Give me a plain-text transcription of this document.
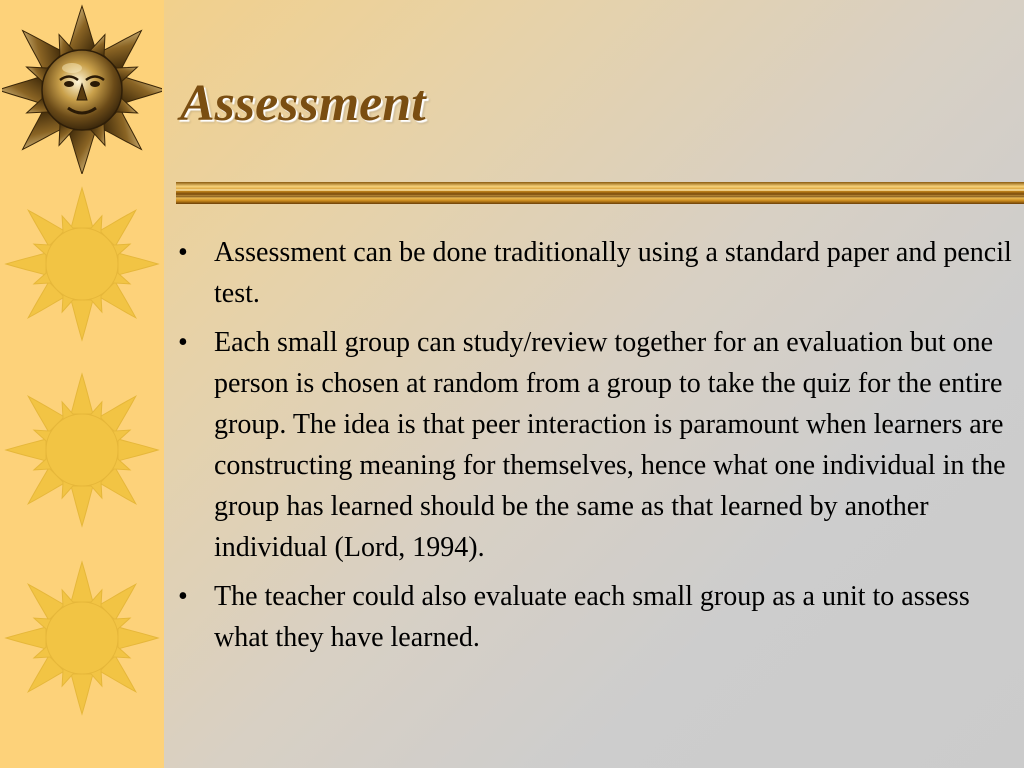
Assessment
• Assessment can be done traditionally using a standard paper and pencil test.
• Each small group can study/review together for an evaluation but one person is chosen at random from a group to take the quiz for the entire group. The idea is that peer interaction is paramount when learners are constructing meaning for themselves, hence what one individual in the group has learned should be the same as that learned by another individual (Lord, 1994).
• The teacher could also evaluate each small group as a unit to assess what they have learned.
